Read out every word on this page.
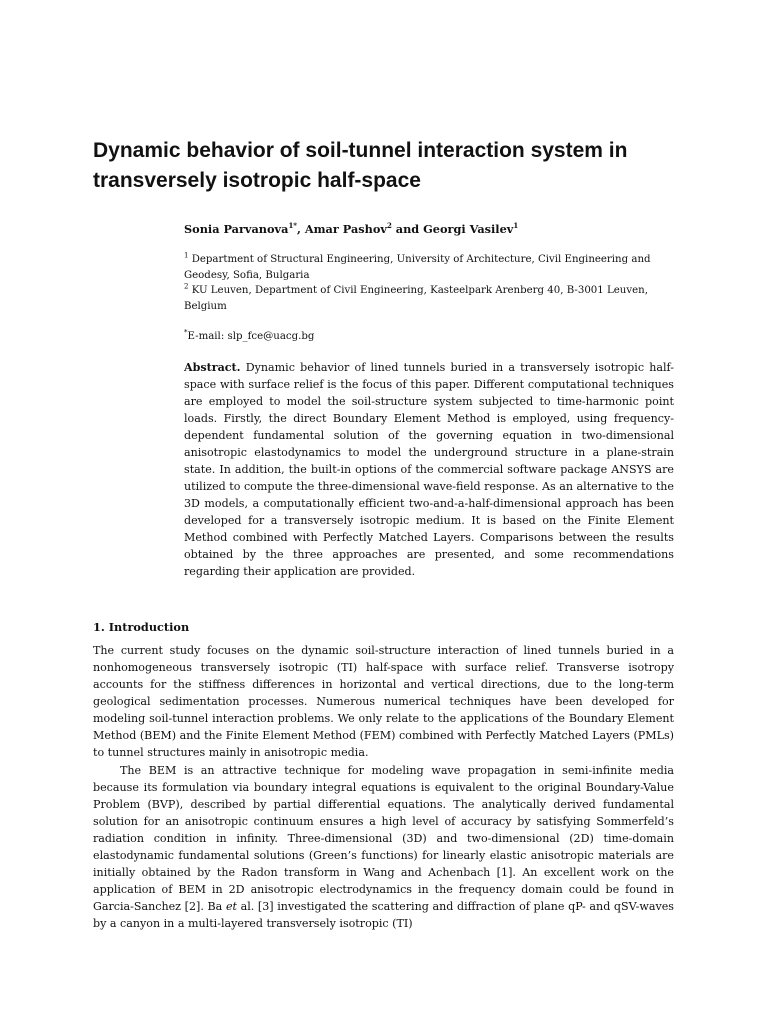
Dynamic behavior of soil-tunnel interaction system in transversely isotropic half-space

Sonia Parvanova$^{1*}$, Amar Pashov$^2$ and Georgi Vasilev$^1$

$^1$ Department of Structural Engineering, University of Architecture, Civil Engineering and Geodesy, Sofia, Bulgaria

$^2$ KU Leuven, Department of Civil Engineering, Kasteelpark Arenberg 40, B-3001 Leuven, Belgium

*E-mail: slp_fce@uacg.bg

Abstract. Dynamic behavior of lined tunnels buried in a transversely isotropic half-space with surface relief is the focus of this paper. Different computational techniques are employed to model the soil-structure system subjected to time-harmonic point loads. Firstly, the direct Boundary Element Method is employed, using frequency-dependent fundamental solution of the governing equation in two-dimensional anisotropic elastodynamics to model the underground structure in a plane-strain state. In addition, the built-in options of the commercial software package ANSYS are utilized to compute the three-dimensional wave-field response. As an alternative to the 3D models, a computationally efficient two-and-a-half-dimensional approach has been developed for a transversely isotropic medium. It is based on the Finite Element Method combined with Perfectly Matched Layers. Comparisons between the results obtained by the three approaches are presented, and some recommendations regarding their application are provided.

1. Introduction

The current study focuses on the dynamic soil-structure interaction of lined tunnels buried in a nonhomogeneous transversely isotropic (TI) half-space with surface relief. Transverse isotropy accounts for the stiffness differences in horizontal and vertical directions, due to the long-term geological sedimentation processes. Numerous numerical techniques have been developed for modeling soil-tunnel interaction problems. We only relate to the applications of the Boundary Element Method (BEM) and the Finite Element Method (FEM) combined with Perfectly Matched Layers (PMLs) to tunnel structures mainly in anisotropic media.

The BEM is an attractive technique for modeling wave propagation in semi-infinite media because its formulation via boundary integral equations is equivalent to the original Boundary-Value Problem (BVP), described by partial differential equations. The analytically derived fundamental solution for an anisotropic continuum ensures a high level of accuracy by satisfying Sommerfeld’s radiation condition in infinity. Three-dimensional (3D) and two-dimensional (2D) time-domain elastodynamic fundamental solutions (Green’s functions) for linearly elastic anisotropic materials are initially obtained by the Radon transform in Wang and Achenbach [1]. An excellent work on the application of BEM in 2D anisotropic electrodynamics in the frequency domain could be found in Garcia-Sanchez [2]. Ba et al. [3] investigated the scattering and diffraction of plane qP- and qSV-waves by a canyon in a multi-layered transversely isotropic (TI)
